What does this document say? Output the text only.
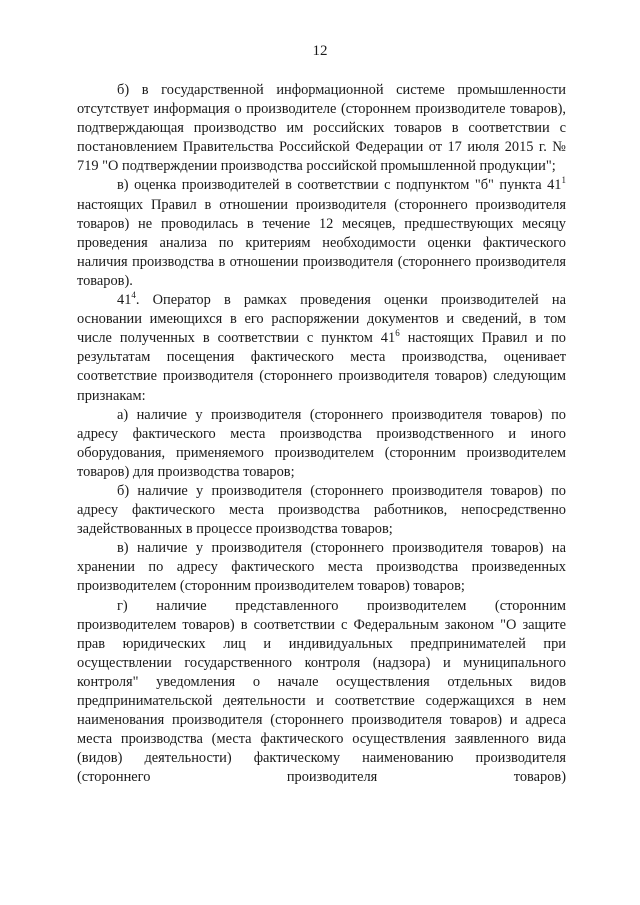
12

б) в государственной информационной системе промышленности отсутствует информация о производителе (стороннем производителе товаров), подтверждающая производство им российских товаров в соответствии с постановлением Правительства Российской Федерации от 17 июля 2015 г. № 719 "О подтверждении производства российской промышленной продукции";

в) оценка производителей в соответствии с подпунктом "б" пункта $41^1$ настоящих Правил в отношении производителя (стороннего производителя товаров) не проводилась в течение 12 месяцев, предшествующих месяцу проведения анализа по критериям необходимости оценки фактического наличия производства в отношении производителя (стороннего производителя товаров).

$41^4$. Оператор в рамках проведения оценки производителей на основании имеющихся в его распоряжении документов и сведений, в том числе полученных в соответствии с пунктом $41^6$ настоящих Правил и по результатам посещения фактического места производства, оценивает соответствие производителя (стороннего производителя товаров) следующим признакам:

а) наличие у производителя (стороннего производителя товаров) по адресу фактического места производства производственного и иного оборудования, применяемого производителем (сторонним производителем товаров) для производства товаров;

б) наличие у производителя (стороннего производителя товаров) по адресу фактического места производства работников, непосредственно задействованных в процессе производства товаров;

в) наличие у производителя (стороннего производителя товаров) на хранении по адресу фактического места производства произведенных производителем (сторонним производителем товаров) товаров;

г) наличие представленного производителем (сторонним производителем товаров) в соответствии с Федеральным законом "О защите прав юридических лиц и индивидуальных предпринимателей при осуществлении государственного контроля (надзора) и муниципального контроля" уведомления о начале осуществления отдельных видов предпринимательской деятельности и соответствие содержащихся в нем наименования производителя (стороннего производителя товаров) и адреса места производства (места фактического осуществления заявленного вида (видов) деятельности) фактическому наименованию производителя (стороннего производителя товаров)
